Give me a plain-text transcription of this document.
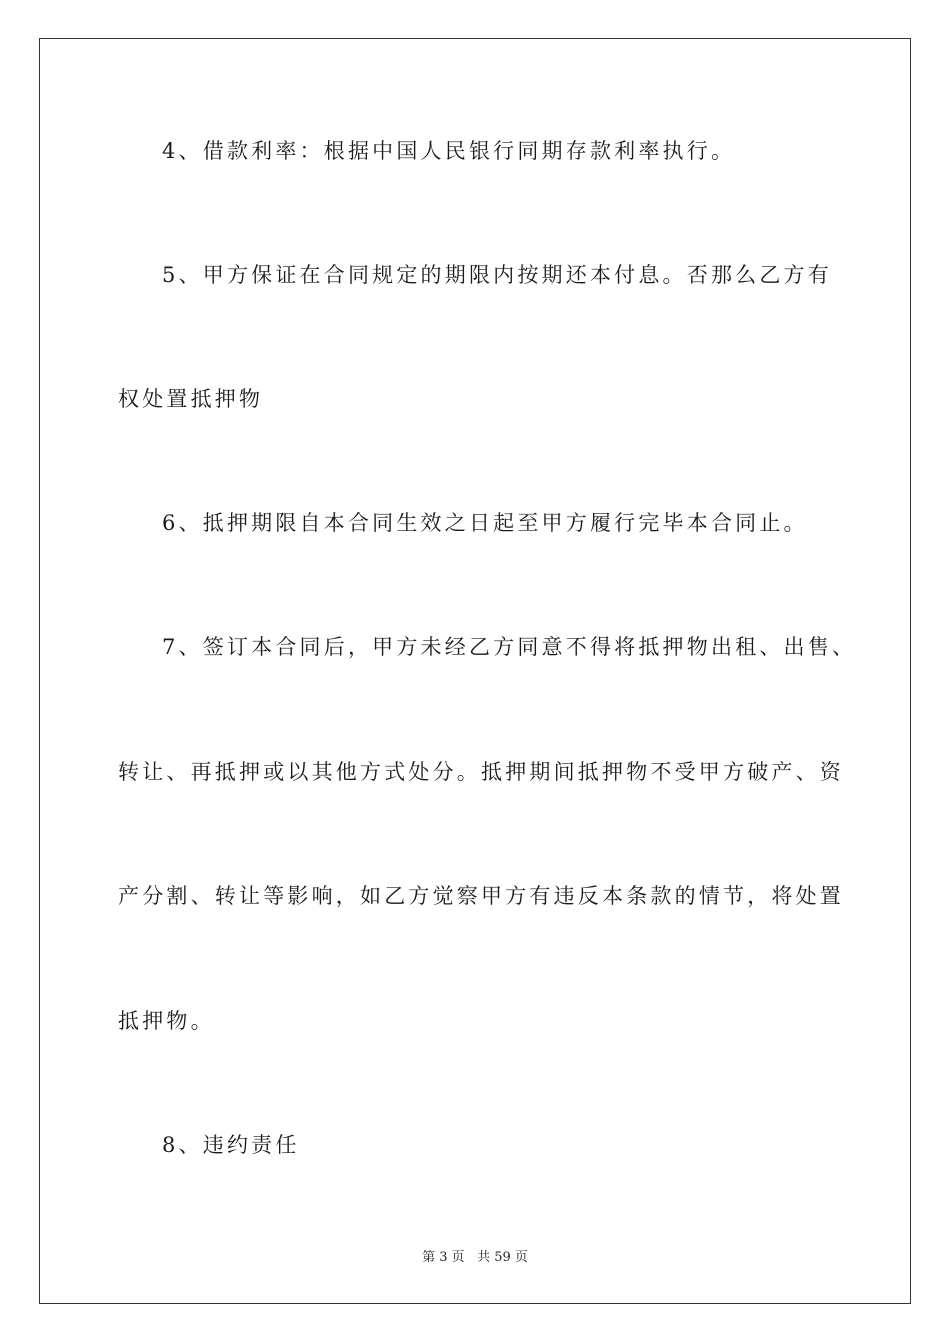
4、借款利率：根据中国人民银行同期存款利率执行。
5、甲方保证在合同规定的期限内按期还本付息。否那么乙方有
权处置抵押物
6、抵押期限自本合同生效之日起至甲方履行完毕本合同止。
7、签订本合同后，甲方未经乙方同意不得将抵押物出租、出售、
转让、再抵押或以其他方式处分。抵押期间抵押物不受甲方破产、资
产分割、转让等影响，如乙方觉察甲方有违反本条款的情节，将处置
抵押物。
8、违约责任
第 3 页 共 59 页
